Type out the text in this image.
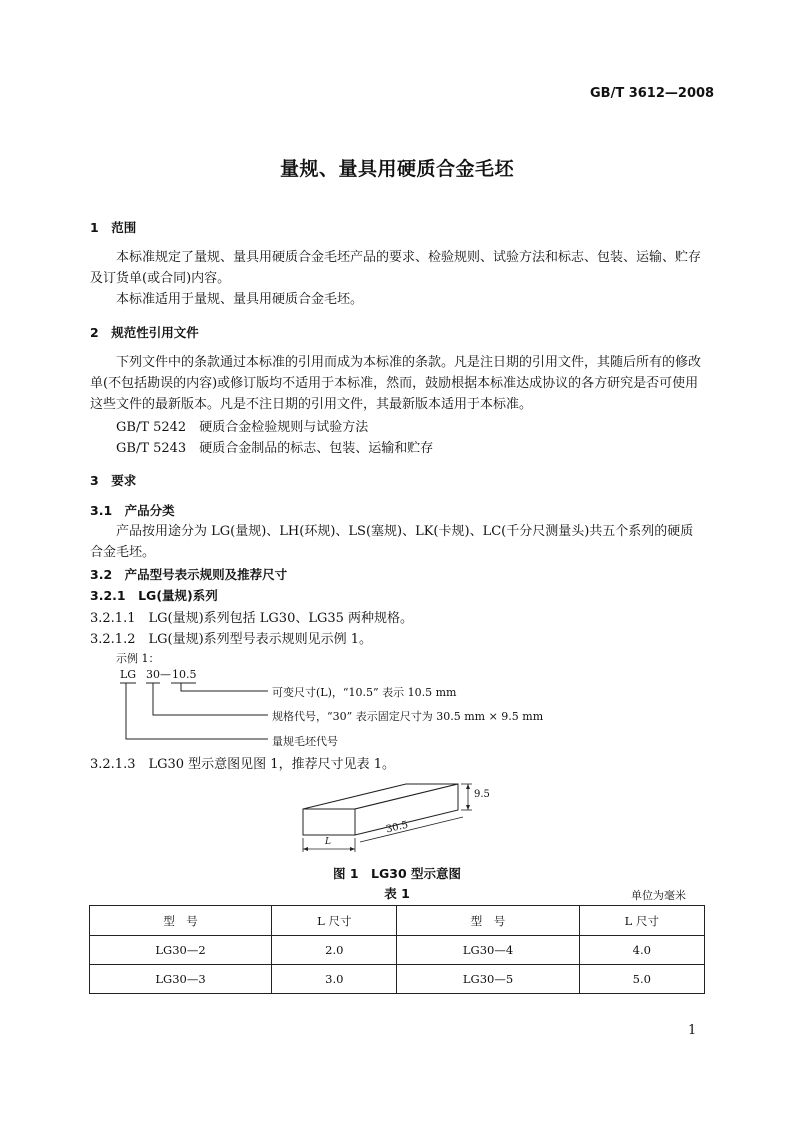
GB/T 3612—2008
量规、量具用硬质合金毛坯
1　范围
本标准规定了量规、量具用硬质合金毛坯产品的要求、检验规则、试验方法和标志、包装、运输、贮存及订货单(或合同)内容。
本标准适用于量规、量具用硬质合金毛坯。
2　规范性引用文件
下列文件中的条款通过本标准的引用而成为本标准的条款。凡是注日期的引用文件，其随后所有的修改单(不包括勘误的内容)或修订版均不适用于本标准，然而，鼓励根据本标准达成协议的各方研究是否可使用这些文件的最新版本。凡是不注日期的引用文件，其最新版本适用于本标准。
GB/T 5242　硬质合金检验规则与试验方法
GB/T 5243　硬质合金制品的标志、包装、运输和贮存
3　要求
3.1　产品分类
产品按用途分为 LG(量规)、LH(环规)、LS(塞规)、LK(卡规)、LC(千分尺测量头)共五个系列的硬质合金毛坯。
3.2　产品型号表示规则及推荐尺寸
3.2.1　LG(量规)系列
3.2.1.1　LG(量规)系列包括 LG30、LG35 两种规格。
3.2.1.2　LG(量规)系列型号表示规则见示例 1。
示例 1：
LG 30 — 10.5
可变尺寸(L)，“10.5” 表示 10.5 mm
规格代号，“30” 表示固定尺寸为 30.5 mm × 9.5 mm
量规毛坯代号
3.2.1.3　LG30 型示意图见图 1，推荐尺寸见表 1。
9.5
30.5
L
图 1　LG30 型示意图
表 1	单位为毫米
型　号	L 尺寸	型　号	L 尺寸
LG30—2	2.0	LG30—4	4.0
LG30—3	3.0	LG30—5	5.0
1
